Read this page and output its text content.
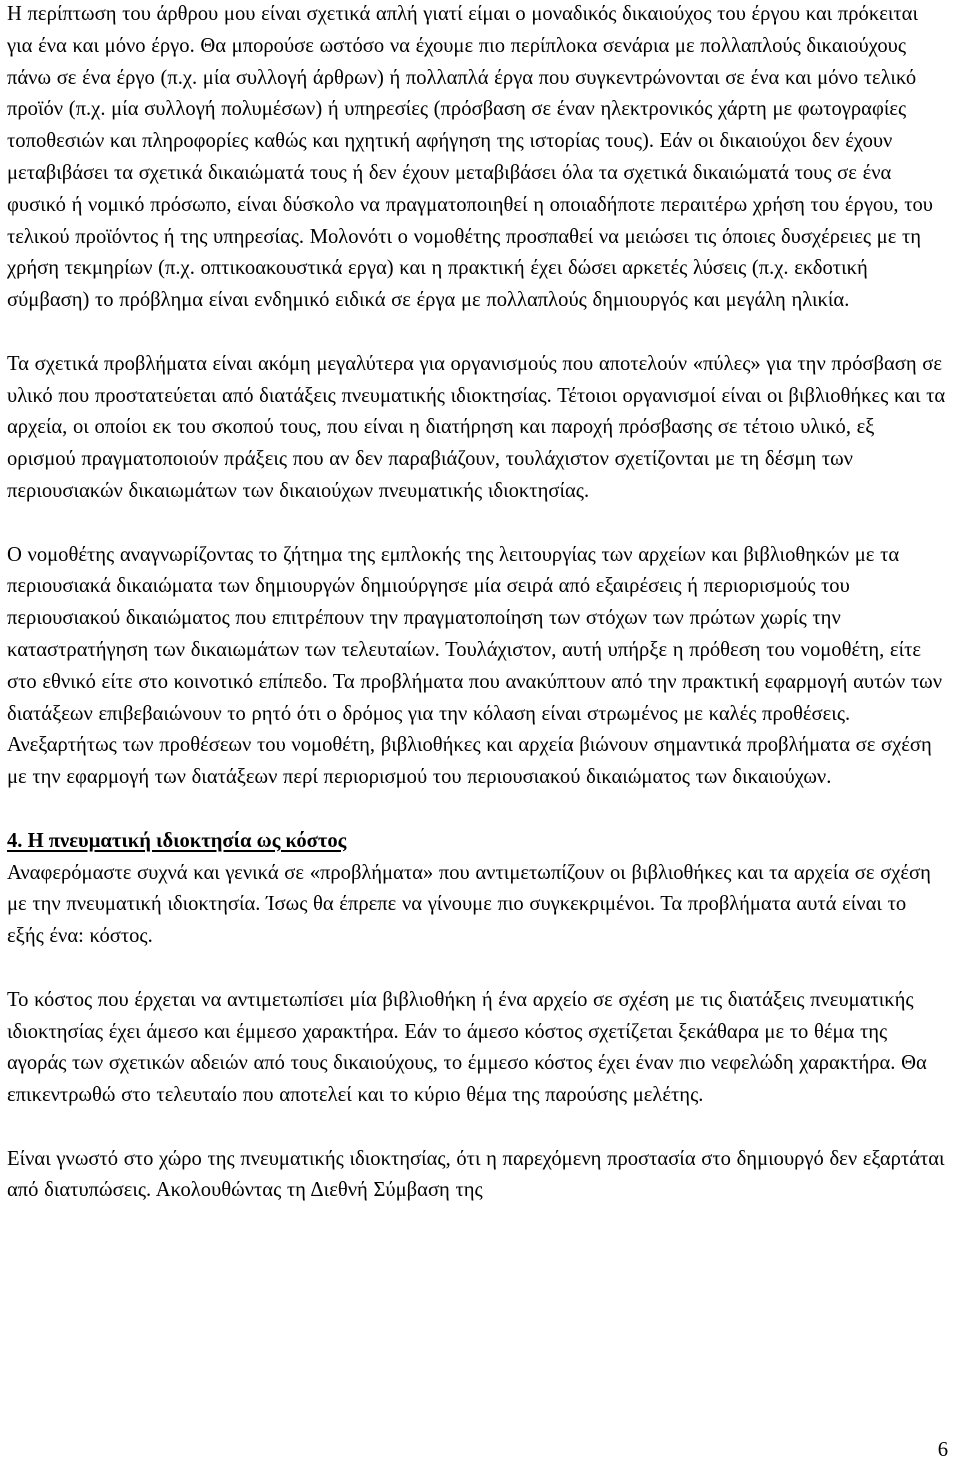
Η περίπτωση του άρθρου μου είναι σχετικά απλή γιατί είμαι ο μοναδικός δικαιούχος του έργου και πρόκειται για ένα και μόνο έργο. Θα μπορούσε ωστόσο να έχουμε πιο περίπλοκα σενάρια με πολλαπλούς δικαιούχους πάνω σε ένα έργο (π.χ. μία συλλογή άρθρων) ή πολλαπλά έργα που συγκεντρώνονται σε ένα και μόνο τελικό προϊόν (π.χ. μία συλλογή πολυμέσων) ή υπηρεσίες (πρόσβαση σε έναν ηλεκτρονικός χάρτη με φωτογραφίες τοποθεσιών και πληροφορίες καθώς και ηχητική αφήγηση της ιστορίας τους). Εάν οι δικαιούχοι δεν έχουν μεταβιβάσει τα σχετικά δικαιώματά τους ή δεν έχουν μεταβιβάσει όλα τα σχετικά δικαιώματά τους σε ένα φυσικό ή νομικό πρόσωπο, είναι δύσκολο να πραγματοποιηθεί η οποιαδήποτε περαιτέρω χρήση του έργου, του τελικού προϊόντος ή της υπηρεσίας. Μολονότι ο νομοθέτης προσπαθεί να μειώσει τις όποιες δυσχέρειες με τη χρήση τεκμηρίων (π.χ. οπτικοακουστικά εργα) και η πρακτική έχει δώσει αρκετές λύσεις (π.χ. εκδοτική σύμβαση) το πρόβλημα είναι ενδημικό ειδικά σε έργα με πολλαπλούς δημιουργός και μεγάλη ηλικία.

Τα σχετικά προβλήματα είναι ακόμη μεγαλύτερα για οργανισμούς που αποτελούν «πύλες» για την πρόσβαση σε υλικό που προστατεύεται από διατάξεις πνευματικής ιδιοκτησίας. Τέτοιοι οργανισμοί είναι οι βιβλιοθήκες και τα αρχεία, οι οποίοι εκ του σκοπού τους, που είναι η διατήρηση και παροχή πρόσβασης σε τέτοιο υλικό, εξ ορισμού πραγματοποιούν πράξεις που αν δεν παραβιάζουν, τουλάχιστον σχετίζονται με τη δέσμη των περιουσιακών δικαιωμάτων των δικαιούχων πνευματικής ιδιοκτησίας.

Ο νομοθέτης αναγνωρίζοντας το ζήτημα της εμπλοκής της λειτουργίας των αρχείων και βιβλιοθηκών με τα περιουσιακά δικαιώματα των δημιουργών δημιούργησε μία σειρά από εξαιρέσεις ή περιορισμούς του περιουσιακού δικαιώματος που επιτρέπουν την πραγματοποίηση των στόχων των πρώτων χωρίς την καταστρατήγηση των δικαιωμάτων των τελευταίων. Τουλάχιστον, αυτή υπήρξε η πρόθεση του νομοθέτη, είτε στο εθνικό είτε στο κοινοτικό επίπεδο. Τα προβλήματα που ανακύπτουν από την πρακτική εφαρμογή αυτών των διατάξεων επιβεβαιώνουν το ρητό ότι ο δρόμος για την κόλαση είναι στρωμένος με καλές προθέσεις. Ανεξαρτήτως των προθέσεων του νομοθέτη, βιβλιοθήκες και αρχεία βιώνουν σημαντικά προβλήματα σε σχέση με την εφαρμογή των διατάξεων περί περιορισμού του περιουσιακού δικαιώματος των δικαιούχων.

4. Η πνευματική ιδιοκτησία ως κόστος

Αναφερόμαστε συχνά και γενικά σε «προβλήματα» που αντιμετωπίζουν οι βιβλιοθήκες και τα αρχεία σε σχέση με την πνευματική ιδιοκτησία. Ίσως θα έπρεπε να γίνουμε πιο συγκεκριμένοι. Τα προβλήματα αυτά είναι το εξής ένα: κόστος.

Το κόστος που έρχεται να αντιμετωπίσει μία βιβλιοθήκη ή ένα αρχείο σε σχέση με τις διατάξεις πνευματικής ιδιοκτησίας έχει άμεσο και έμμεσο χαρακτήρα. Εάν το άμεσο κόστος σχετίζεται ξεκάθαρα με το θέμα της αγοράς των σχετικών αδειών από τους δικαιούχους, το έμμεσο κόστος έχει έναν πιο νεφελώδη χαρακτήρα. Θα επικεντρωθώ στο τελευταίο που αποτελεί και το κύριο θέμα της παρούσης μελέτης.

Είναι γνωστό στο χώρο της πνευματικής ιδιοκτησίας, ότι η παρεχόμενη προστασία στο δημιουργό δεν εξαρτάται από διατυπώσεις. Ακολουθώντας τη Διεθνή Σύμβαση της

6
